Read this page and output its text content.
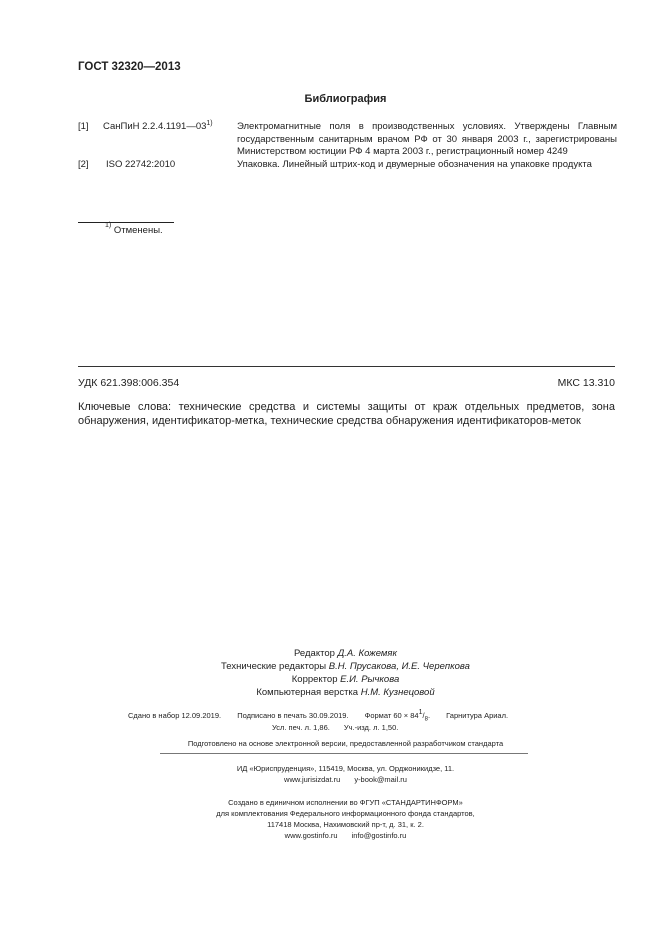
ГОСТ 32320—2013
Библиография
[1] СанПиН 2.2.4.1191—03$^{1)}$	Электромагнитные поля в производственных условиях. Утверждены Главным государственным санитарным врачом РФ от 30 января 2003 г., зарегистрированы Министерством юстиции РФ 4 марта 2003 г., регистрационный номер 4249
[2] ISO 22742:2010	Упаковка. Линейный штрих-код и двумерные обозначения на упаковке продукта
$^{1)}$ Отменены.
УДК 621.398:006.354	МКС 13.310
Ключевые слова: технические средства и системы защиты от краж отдельных предметов, зона обнаружения, идентификатор-метка, технические средства обнаружения идентификаторов-меток
Редактор Д.А. Кожемяк
Технические редакторы В.Н. Прусакова, И.Е. Черепкова
Корректор Е.И. Рычкова
Компьютерная верстка Н.М. Кузнецовой
Сдано в набор 12.09.2019. Подписано в печать 30.09.2019. Формат $60 \times 84^1/_8$. Гарнитура Ариал.
Усл. печ. л. 1,86. Уч.-изд. л. 1,50.
Подготовлено на основе электронной версии, предоставленной разработчиком стандарта
ИД «Юриспруденция», 115419, Москва, ул. Орджоникидзе, 11.
www.jurisizdat.ru y-book@mail.ru
Создано в единичном исполнении во ФГУП «СТАНДАРТИНФОРМ»
для комплектования Федерального информационного фонда стандартов,
117418 Москва, Нахимовский пр-т, д. 31, к. 2.
www.gostinfo.ru info@gostinfo.ru
